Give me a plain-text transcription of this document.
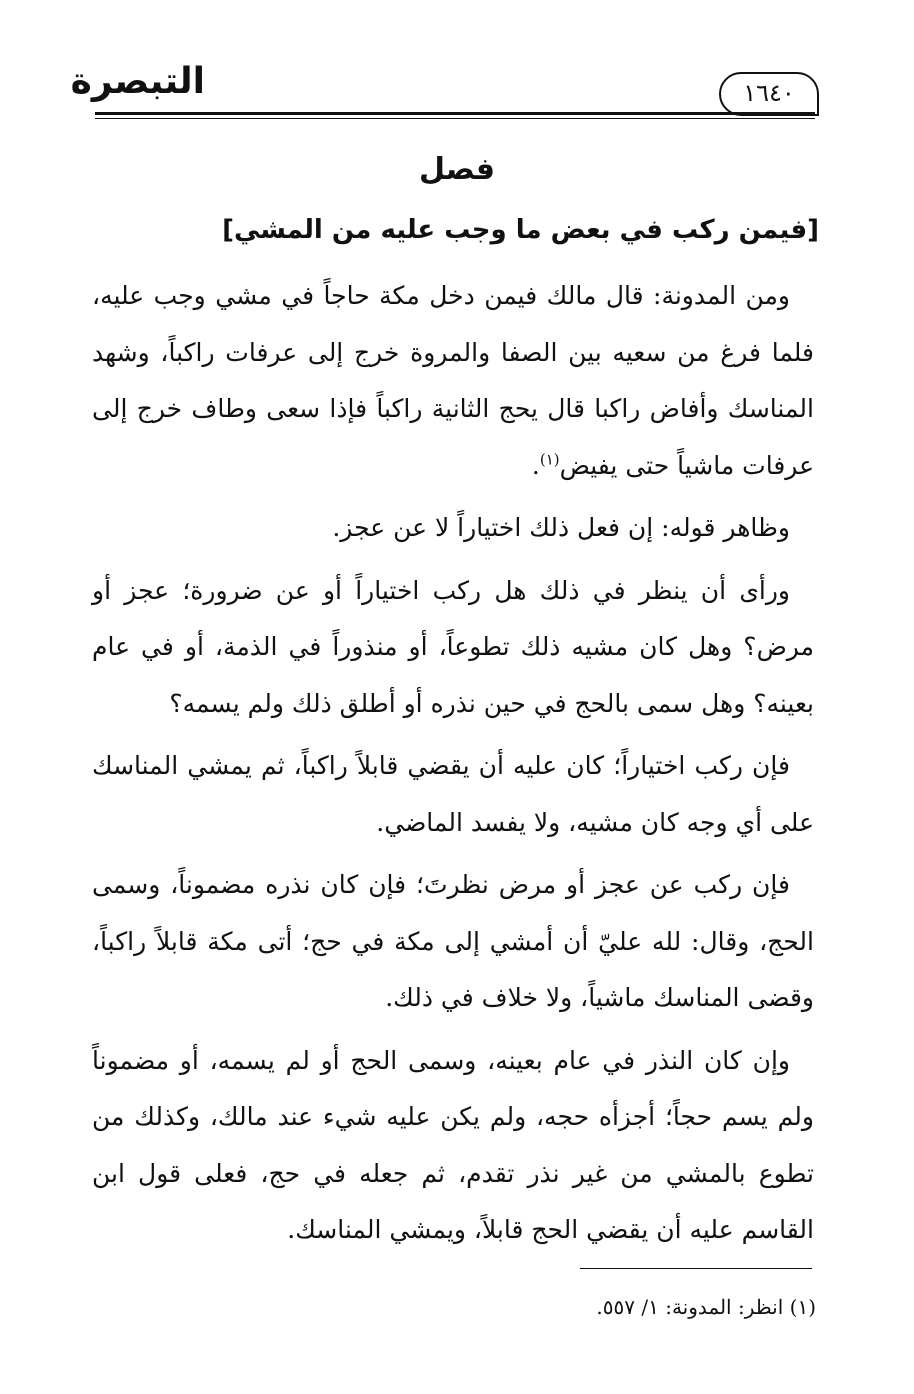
التبصرة	١٦٤٠
فصل
[فيمن ركب في بعض ما وجب عليه من المشي]

ومن المدونة: قال مالك فيمن دخل مكة حاجاً في مشي وجب عليه، فلما فرغ من سعيه بين الصفا والمروة خرج إلى عرفات راكباً، وشهد المناسك وأفاض راكبا قال يحج الثانية راكباً فإذا سعى وطاف خرج إلى عرفات ماشياً حتى يفيض$^{(١)}$.

وظاهر قوله: إن فعل ذلك اختياراً لا عن عجز.

ورأى أن ينظر في ذلك هل ركب اختياراً أو عن ضرورة؛ عجز أو مرض؟ وهل كان مشيه ذلك تطوعاً، أو منذوراً في الذمة، أو في عام بعينه؟ وهل سمى بالحج في حين نذره أو أطلق ذلك ولم يسمه؟

فإن ركب اختياراً؛ كان عليه أن يقضي قابلاً راكباً، ثم يمشي المناسك على أي وجه كان مشيه، ولا يفسد الماضي.

فإن ركب عن عجز أو مرض نظرتَ؛ فإن كان نذره مضموناً، وسمى الحج، وقال: لله عليّ أن أمشي إلى مكة في حج؛ أتى مكة قابلاً راكباً، وقضى المناسك ماشياً، ولا خلاف في ذلك.

وإن كان النذر في عام بعينه، وسمى الحج أو لم يسمه، أو مضموناً ولم يسم حجاً؛ أجزأه حجه، ولم يكن عليه شيء عند مالك، وكذلك من تطوع بالمشي من غير نذر تقدم، ثم جعله في حج، فعلى قول ابن القاسم عليه أن يقضي الحج قابلاً، ويمشي المناسك.

(١) انظر: المدونة: ١/ ٥٥٧.
